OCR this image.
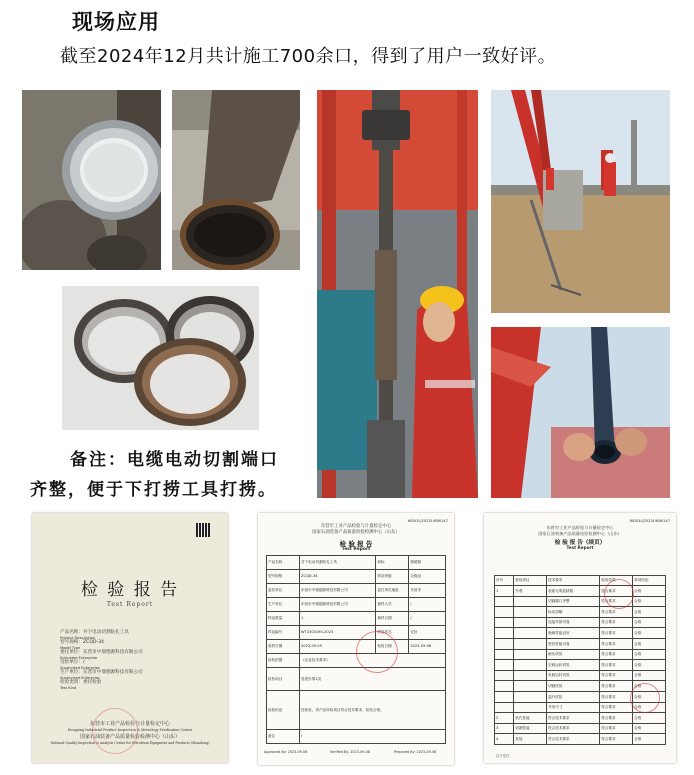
现场应用
截至2024年12月共计施工700余口，得到了用户一致好评。
备注：电缆电动切割端口
齐整，便于下打捞工具打捞。
检 验 报 告
Test Report
产品名称：井下电动切割钻孔工具
Product Description
型号规格：ZCQD-34
Model Type
委托单位：东营市中瑞德源科技有限公司
Entrusted Enterprise
受检单位：/
Supervised Enterprise
生产单位：东营市中瑞德源科技有限公司
Supervised Enterprise
检验类别：委托检验
Test Kind
东营市工业产品检验与计量检定中心
Dongying Industrial Product Inspection & Metrology Verification Center
国家石油装备产品质量检验检测中心（山东）
National Quality Inspection & Analysis Center for Petroleum Equipment and Products (Shandong)
WD03LJ202319BW147
东营市工业产品检验与计量检定中心
国家石油装备产品质量检验检测中心（山东）
检 验 报 告
Test Report
产品名称	井下电动切割钻孔工具	商标	瑞德源
型号规格	ZCQD-34	样品等级	合格品
委托单位	东营市中瑞德源科技有限公司	委托单位地址	东营市
生产单位	东营市中瑞德源科技有限公司	抽样人员	/
样品数量	1	抽样日期	/
样品编号	WT2303190-2023	样品状态	完好
收样日期	2023-09-05	检验日期	2023-09-06
检验依据	《企业技术要求》		
检验项目	见报告第2页		
检验结论	经检验，该产品所检项目符合技术要求，检验合格。		
备注	/		
Approved By: 2023-09-08	Verified By: 2023-09-08	Prepared By: 2023-09-08
WD03LJ202319BW147
东营市工业产品检验与计量检定中心
国家石油装备产品质量检验检测中心（山东）
检 验 报 告（续页）
Test Report
序号	检验项目	技术要求	检验结果	单项结论
1	外观	表面无明显缺陷	符合要求	合格
		切割端口齐整	符合要求	合格
		标识清晰	符合要求	合格
		连接牢固可靠	符合要求	合格
		绝缘性能良好	符合要求	合格
		密封性能可靠	符合要求	合格
		耐压试验	符合要求	合格
		空载运转试验	符合要求	合格
		负载运转试验	符合要求	合格
		切割试验	符合要求	合格
		温升试验	符合要求	合格
		外形尺寸	符合要求	合格
2	钻孔性能	符合技术要求	符合要求	合格
3	切割性能	符合技术要求	符合要求	合格
4	其他	符合技术要求	符合要求	合格
以下空白
